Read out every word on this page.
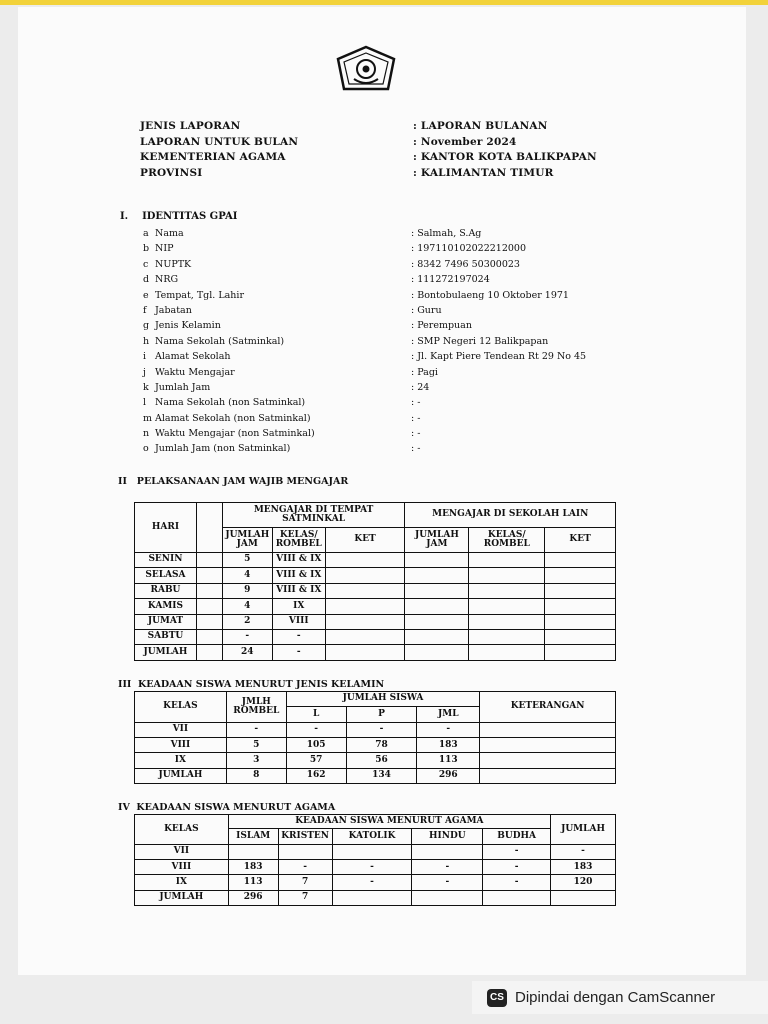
JENIS LAPORAN	: LAPORAN BULANAN
LAPORAN UNTUK BULAN	: November 2024
KEMENTERIAN AGAMA	: KANTOR KOTA BALIKPAPAN
PROVINSI	: KALIMANTAN TIMUR
I.    IDENTITAS GPAI
a Nama	: Salmah, S.Ag
b NIP	: 197110102022212000
c NUPTK	: 8342 7496 50300023
d NRG	: 111272197024
e Tempat, Tgl. Lahir	: Bontobulaeng 10 Oktober 1971
f Jabatan	: Guru
g Jenis Kelamin	: Perempuan
h Nama Sekolah (Satminkal)	: SMP Negeri 12 Balikpapan
i Alamat Sekolah	: Jl. Kapt Piere Tendean Rt 29 No 45
j Waktu Mengajar	: Pagi
k Jumlah Jam	: 24
l Nama Sekolah (non Satminkal)	: -
m Alamat Sekolah (non Satminkal)	: -
n Waktu Mengajar (non Satminkal)	: -
o Jumlah Jam (non Satminkal)	: -
II   PELAKSANAAN JAM WAJIB MENGAJAR
HARI		MENGAJAR DI TEMPAT SATMINKAL			MENGAJAR DI SEKOLAH LAIN		
		JUMLAH JAM	KELAS/ ROMBEL	KET	JUMLAH JAM	KELAS/ ROMBEL	KET
SENIN		5	VIII & IX				
SELASA		4	VIII & IX				
RABU		9	VIII & IX				
KAMIS		4	IX				
JUMAT		2	VIII				
SABTU		-	-				
JUMLAH		24	-				
III  KEADAAN SISWA MENURUT JENIS KELAMIN
KELAS	JMLH ROMBEL	JUMLAH SISWA			KETERANGAN
		L	P	JML	
VII	-	-	-	-	
VIII	5	105	78	183	
IX	3	57	56	113	
JUMLAH	8	162	134	296	
IV  KEADAAN SISWA MENURUT AGAMA
KELAS	KEADAAN SISWA MENURUT AGAMA					JUMLAH
	ISLAM	KRISTEN	KATOLIK	HINDU	BUDHA	
VII					-	-
VIII	183	-	-	-	-	183
IX	113	7	-	-	-	120
JUMLAH	296	7				
CS Dipindai dengan CamScanner
